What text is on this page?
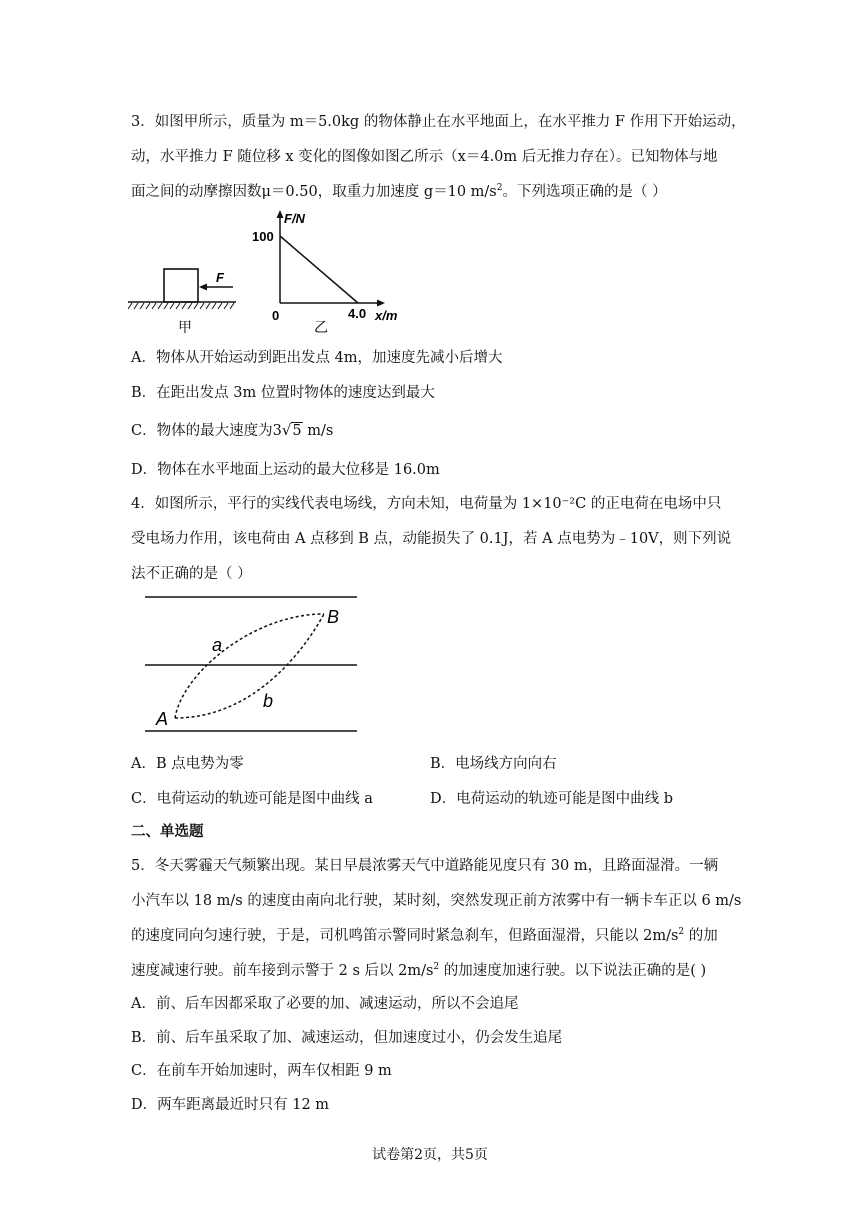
3．如图甲所示，质量为 m＝5.0kg 的物体静止在水平地面上，在水平推力 F 作用下开始运动，
动，水平推力 F 随位移 x 变化的图像如图乙所示（x＝4.0m 后无推力存在）。已知物体与地
面之间的动摩擦因数μ＝0.50，取重力加速度 g＝10 $m/s^2$。下列选项正确的是（ ）
F
甲
F/N
100
0	4.0 x/m
乙
A．物体从开始运动到距出发点 4m，加速度先减小后增大
B．在距出发点 3m 位置时物体的速度达到最大
C．物体的最大速度为3√5 m/s
D．物体在水平地面上运动的最大位移是 16.0m
4．如图所示，平行的实线代表电场线，方向未知，电荷量为 1×10⁻²C 的正电荷在电场中只
受电场力作用，该电荷由 A 点移到 B 点，动能损失了 0.1J，若 A 点电势为﹣10V，则下列说
法不正确的是（ ）
A
B
a
b
A．B 点电势为零	B．电场线方向向右
C．电荷运动的轨迹可能是图中曲线 a	D．电荷运动的轨迹可能是图中曲线 b
二、单选题
5．冬天雾霾天气频繁出现。某日早晨浓雾天气中道路能见度只有 30 m，且路面湿滑。一辆
小汽车以 18 m/s 的速度由南向北行驶，某时刻，突然发现正前方浓雾中有一辆卡车正以 6 m/s
的速度同向匀速行驶，于是，司机鸣笛示警同时紧急刹车，但路面湿滑，只能以 $2m/s^2$ 的加
速度减速行驶。前车接到示警于 2 s 后以 $2m/s^2$ 的加速度加速行驶。以下说法正确的是( )
A．前、后车因都采取了必要的加、减速运动，所以不会追尾
B．前、后车虽采取了加、减速运动，但加速度过小，仍会发生追尾
C．在前车开始加速时，两车仅相距 9 m
D．两车距离最近时只有 12 m
试卷第2页，共5页
